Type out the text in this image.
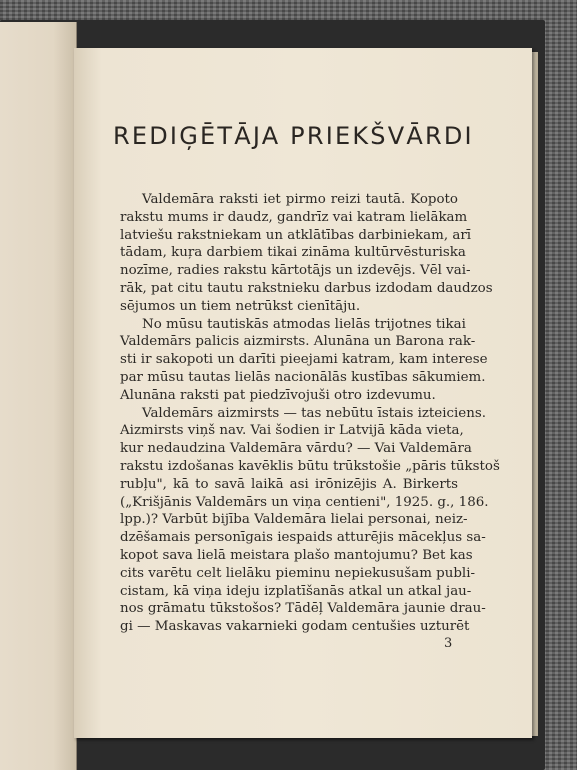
REDIĢĒTĀJA PRIEKŠVĀRDI
Valdemāra raksti iet pirmo reizi tautā. Kopoto
rakstu mums ir daudz, gandrīz vai katram lielākam
latviešu rakstniekam un atklātības darbiniekam, arī
tādam, kuŗa darbiem tikai zināma kultūrvēsturiska
nozīme, radies rakstu kārtotājs un izdevējs. Vēl vai-
rāk, pat citu tautu rakstnieku darbus izdodam daudzos
sējumos un tiem netrūkst cienītāju.
No mūsu tautiskās atmodas lielās trijotnes tikai
Valdemārs palicis aizmirsts. Alunāna un Barona rak-
sti ir sakopoti un darīti pieejami katram, kam interese
par mūsu tautas lielās nacionālās kustības sākumiem.
Alunāna raksti pat piedzīvojuši otro izdevumu.
Valdemārs aizmirsts — tas nebūtu īstais izteiciens.
Aizmirsts viņš nav. Vai šodien ir Latvijā kāda vieta,
kur nedaudzina Valdemāra vārdu? — Vai Valdemāra
rakstu izdošanas kavēklis būtu trūkstošie „pāris tūkstoš
rubļu", kā to savā laikā asi irōnizējis A. Birkerts
(„Krišjānis Valdemārs un viņa centieni", 1925. g., 186.
lpp.)? Varbūt bijība Valdemāra lielai personai, neiz-
dzēšamais personīgais iespaids atturējis mācekļus sa-
kopot sava lielā meistara plašo mantojumu? Bet kas
cits varētu celt lielāku pieminu nepiekusušam publi-
cistam, kā viņa ideju izplatīšanās atkal un atkal jau-
nos grāmatu tūkstošos? Tādēļ Valdemāra jaunie drau-
gi — Maskavas vakarnieki godam centušies uzturēt
3
